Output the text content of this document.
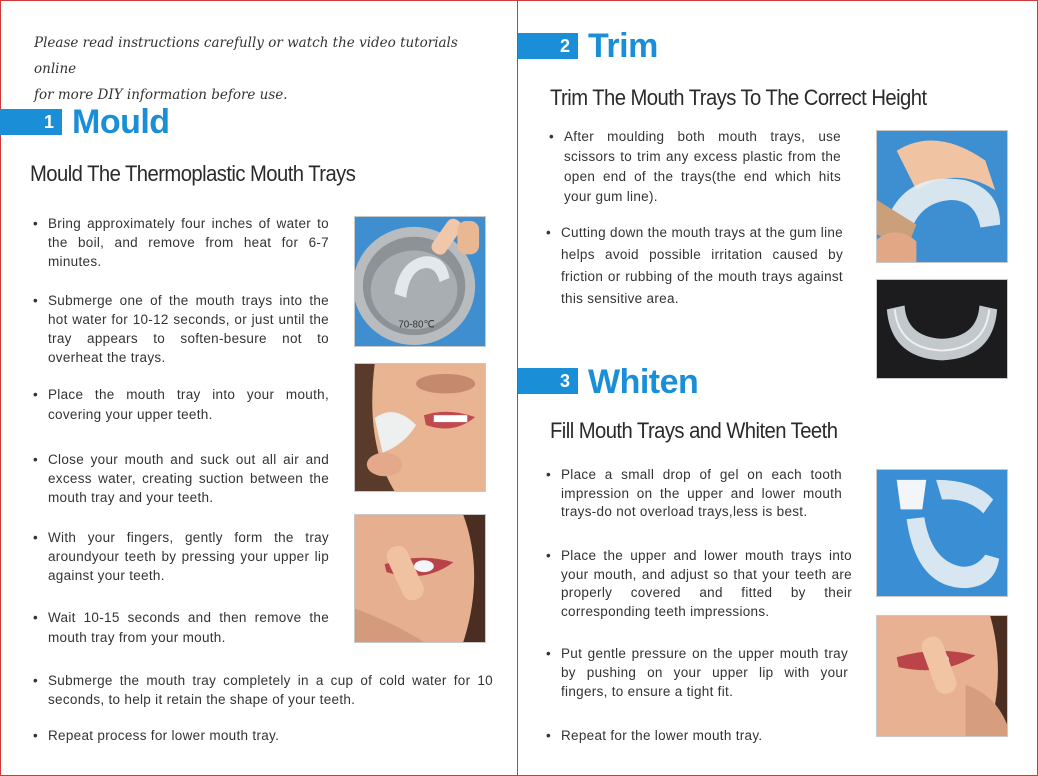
Please read instructions carefully or watch the video tutorials online
for more DIY information before use.
1 Mould
Mould The Thermoplastic Mouth Trays
• Bring approximately four inches of water to the boil, and remove from heat for 6-7 minutes.
• Submerge one of the mouth trays into the hot water for 10-12 seconds, or just until the tray appears to soften-besure not to overheat the trays.
• Place the mouth tray into your mouth, covering your upper teeth.
• Close your mouth and suck out all air and excess water, creating suction between the mouth tray and your teeth.
• With your fingers, gently form the tray aroundyour teeth by pressing your upper lip against your teeth.
• Wait 10-15 seconds and then remove the mouth tray from your mouth.
• Submerge the mouth tray completely in a cup of cold water for 10 seconds, to help it retain the shape of your teeth.
• Repeat process for lower mouth tray.
70-80℃
2 Trim
Trim The Mouth Trays To The Correct Height
• After moulding both mouth trays, use scissors to trim any excess plastic from the open end of the trays(the end which hits your gum line).
• Cutting down the mouth trays at the gum line helps avoid possible irritation caused by friction or rubbing of the mouth trays against this sensitive area.
3 Whiten
Fill Mouth Trays and Whiten Teeth
• Place a small drop of gel on each tooth impression on the upper and lower mouth trays-do not overload trays,less is best.
• Place the upper and lower mouth trays into your mouth, and adjust so that your teeth are properly covered and fitted by their corresponding teeth impressions.
• Put gentle pressure on the upper mouth tray by pushing on your upper lip with your fingers, to ensure a tight fit.
• Repeat for the lower mouth tray.
